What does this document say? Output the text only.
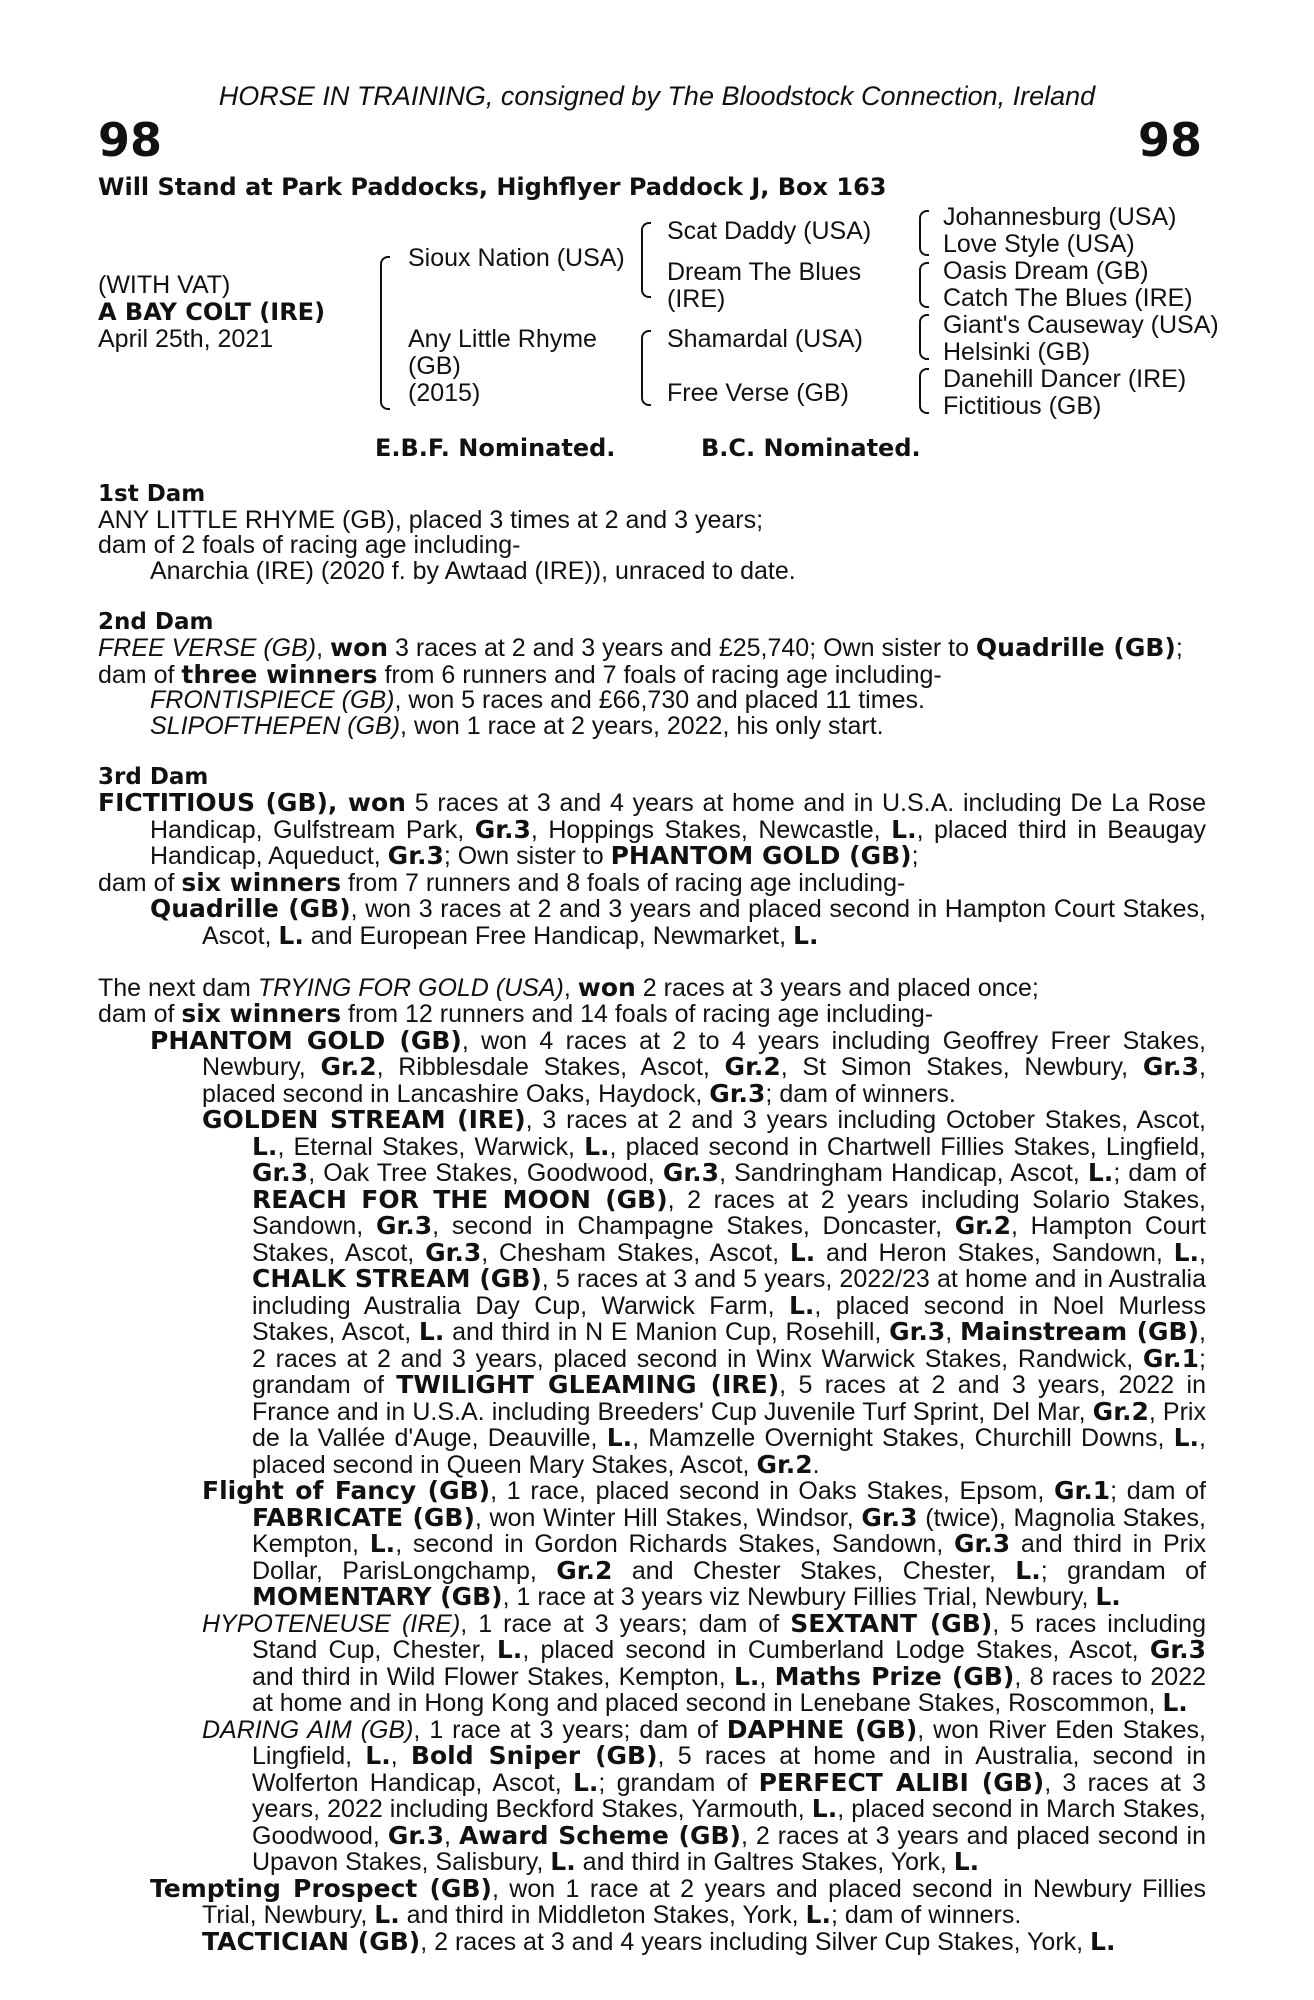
HORSE IN TRAINING, consigned by The Bloodstock Connection, Ireland
98	98
Will Stand at Park Paddocks, Highflyer Paddock J, Box 163
(WITH VAT)
A BAY COLT (IRE)
April 25th, 2021
Sioux Nation (USA)
Any Little Rhyme
(GB)
(2015)
Scat Daddy (USA)
Dream The Blues
(IRE)
Shamardal (USA)
Free Verse (GB)
Johannesburg (USA)
Love Style (USA)
Oasis Dream (GB)
Catch The Blues (IRE)
Giant's Causeway (USA)
Helsinki (GB)
Danehill Dancer (IRE)
Fictitious (GB)
E.B.F. Nominated.	B.C. Nominated.
1st Dam
ANY LITTLE RHYME (GB), placed 3 times at 2 and 3 years;
dam of 2 foals of racing age including-
Anarchia (IRE) (2020 f. by Awtaad (IRE)), unraced to date.
2nd Dam
FREE VERSE (GB), won 3 races at 2 and 3 years and £25,740; Own sister to Quadrille (GB);
dam of three winners from 6 runners and 7 foals of racing age including-
FRONTISPIECE (GB), won 5 races and £66,730 and placed 11 times.
SLIPOFTHEPEN (GB), won 1 race at 2 years, 2022, his only start.
3rd Dam
FICTITIOUS (GB), won 5 races at 3 and 4 years at home and in U.S.A. including De La Rose Handicap, Gulfstream Park, Gr.3, Hoppings Stakes, Newcastle, L., placed third in Beaugay Handicap, Aqueduct, Gr.3; Own sister to PHANTOM GOLD (GB);
dam of six winners from 7 runners and 8 foals of racing age including-
Quadrille (GB), won 3 races at 2 and 3 years and placed second in Hampton Court Stakes, Ascot, L. and European Free Handicap, Newmarket, L.
The next dam TRYING FOR GOLD (USA), won 2 races at 3 years and placed once;
dam of six winners from 12 runners and 14 foals of racing age including-
PHANTOM GOLD (GB), won 4 races at 2 to 4 years including Geoffrey Freer Stakes, Newbury, Gr.2, Ribblesdale Stakes, Ascot, Gr.2, St Simon Stakes, Newbury, Gr.3, placed second in Lancashire Oaks, Haydock, Gr.3; dam of winners.
GOLDEN STREAM (IRE), 3 races at 2 and 3 years including October Stakes, Ascot, L., Eternal Stakes, Warwick, L., placed second in Chartwell Fillies Stakes, Lingfield, Gr.3, Oak Tree Stakes, Goodwood, Gr.3, Sandringham Handicap, Ascot, L.; dam of REACH FOR THE MOON (GB), 2 races at 2 years including Solario Stakes, Sandown, Gr.3, second in Champagne Stakes, Doncaster, Gr.2, Hampton Court Stakes, Ascot, Gr.3, Chesham Stakes, Ascot, L. and Heron Stakes, Sandown, L., CHALK STREAM (GB), 5 races at 3 and 5 years, 2022/23 at home and in Australia including Australia Day Cup, Warwick Farm, L., placed second in Noel Murless Stakes, Ascot, L. and third in N E Manion Cup, Rosehill, Gr.3, Mainstream (GB), 2 races at 2 and 3 years, placed second in Winx Warwick Stakes, Randwick, Gr.1; grandam of TWILIGHT GLEAMING (IRE), 5 races at 2 and 3 years, 2022 in France and in U.S.A. including Breeders' Cup Juvenile Turf Sprint, Del Mar, Gr.2, Prix de la Vallée d'Auge, Deauville, L., Mamzelle Overnight Stakes, Churchill Downs, L., placed second in Queen Mary Stakes, Ascot, Gr.2.
Flight of Fancy (GB), 1 race, placed second in Oaks Stakes, Epsom, Gr.1; dam of FABRICATE (GB), won Winter Hill Stakes, Windsor, Gr.3 (twice), Magnolia Stakes, Kempton, L., second in Gordon Richards Stakes, Sandown, Gr.3 and third in Prix Dollar, ParisLongchamp, Gr.2 and Chester Stakes, Chester, L.; grandam of MOMENTARY (GB), 1 race at 3 years viz Newbury Fillies Trial, Newbury, L.
HYPOTENEUSE (IRE), 1 race at 3 years; dam of SEXTANT (GB), 5 races including Stand Cup, Chester, L., placed second in Cumberland Lodge Stakes, Ascot, Gr.3 and third in Wild Flower Stakes, Kempton, L., Maths Prize (GB), 8 races to 2022 at home and in Hong Kong and placed second in Lenebane Stakes, Roscommon, L.
DARING AIM (GB), 1 race at 3 years; dam of DAPHNE (GB), won River Eden Stakes, Lingfield, L., Bold Sniper (GB), 5 races at home and in Australia, second in Wolferton Handicap, Ascot, L.; grandam of PERFECT ALIBI (GB), 3 races at 3 years, 2022 including Beckford Stakes, Yarmouth, L., placed second in March Stakes, Goodwood, Gr.3, Award Scheme (GB), 2 races at 3 years and placed second in Upavon Stakes, Salisbury, L. and third in Galtres Stakes, York, L.
Tempting Prospect (GB), won 1 race at 2 years and placed second in Newbury Fillies Trial, Newbury, L. and third in Middleton Stakes, York, L.; dam of winners.
TACTICIAN (GB), 2 races at 3 and 4 years including Silver Cup Stakes, York, L.
